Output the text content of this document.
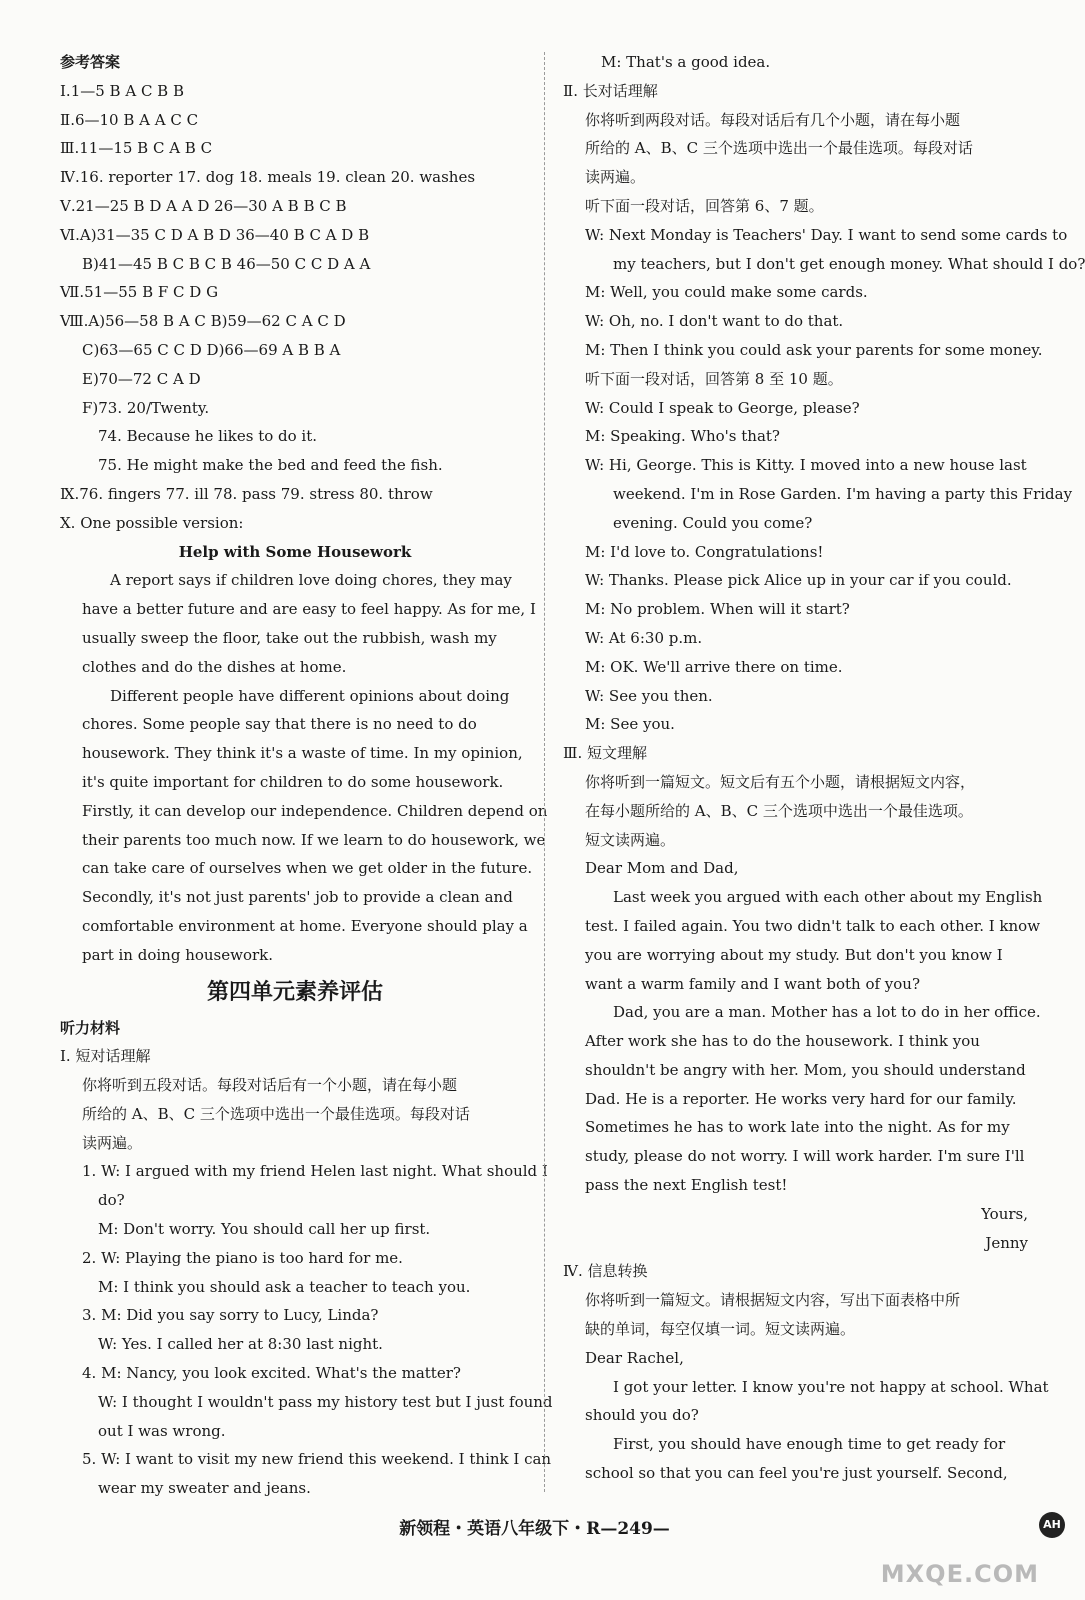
参考答案
Ⅰ.1—5 B A C B B
Ⅱ.6—10 B A A C C
Ⅲ.11—15 B C A B C
Ⅳ.16. reporter 17. dog 18. meals 19. clean 20. washes
Ⅴ.21—25 B D A A D 26—30 A B B C B
Ⅵ.A)31—35 C D A B D 36—40 B C A D B
B)41—45 B C B C B 46—50 C C D A A
Ⅶ.51—55 B F C D G
Ⅷ.A)56—58 B A C B)59—62 C A C D
C)63—65 C C D D)66—69 A B B A
E)70—72 C A D
F)73. 20/Twenty.
74. Because he likes to do it.
75. He might make the bed and feed the fish.
Ⅸ.76. fingers 77. ill 78. pass 79. stress 80. throw
Ⅹ. One possible version:
Help with Some Housework
A report says if children love doing chores, they may
have a better future and are easy to feel happy. As for me, I
usually sweep the floor, take out the rubbish, wash my
clothes and do the dishes at home.
Different people have different opinions about doing
chores. Some people say that there is no need to do
housework. They think it's a waste of time. In my opinion,
it's quite important for children to do some housework.
Firstly, it can develop our independence. Children depend on
their parents too much now. If we learn to do housework, we
can take care of ourselves when we get older in the future.
Secondly, it's not just parents' job to provide a clean and
comfortable environment at home. Everyone should play a
part in doing housework.
第四单元素养评估
听力材料
Ⅰ. 短对话理解
你将听到五段对话。每段对话后有一个小题，请在每小题
所给的 A、B、C 三个选项中选出一个最佳选项。每段对话
读两遍。
1. W: I argued with my friend Helen last night. What should I
do?
M: Don't worry. You should call her up first.
2. W: Playing the piano is too hard for me.
M: I think you should ask a teacher to teach you.
3. M: Did you say sorry to Lucy, Linda?
W: Yes. I called her at 8:30 last night.
4. M: Nancy, you look excited. What's the matter?
W: I thought I wouldn't pass my history test but I just found
out I was wrong.
5. W: I want to visit my new friend this weekend. I think I can
wear my sweater and jeans.
M: That's a good idea.
Ⅱ. 长对话理解
你将听到两段对话。每段对话后有几个小题，请在每小题
所给的 A、B、C 三个选项中选出一个最佳选项。每段对话
读两遍。
听下面一段对话，回答第 6、7 题。
W: Next Monday is Teachers' Day. I want to send some cards to
my teachers, but I don't get enough money. What should I do?
M: Well, you could make some cards.
W: Oh, no. I don't want to do that.
M: Then I think you could ask your parents for some money.
听下面一段对话，回答第 8 至 10 题。
W: Could I speak to George, please?
M: Speaking. Who's that?
W: Hi, George. This is Kitty. I moved into a new house last
weekend. I'm in Rose Garden. I'm having a party this Friday
evening. Could you come?
M: I'd love to. Congratulations!
W: Thanks. Please pick Alice up in your car if you could.
M: No problem. When will it start?
W: At 6:30 p.m.
M: OK. We'll arrive there on time.
W: See you then.
M: See you.
Ⅲ. 短文理解
你将听到一篇短文。短文后有五个小题，请根据短文内容，
在每小题所给的 A、B、C 三个选项中选出一个最佳选项。
短文读两遍。
Dear Mom and Dad,
Last week you argued with each other about my English
test. I failed again. You two didn't talk to each other. I know
you are worrying about my study. But don't you know I
want a warm family and I want both of you?
Dad, you are a man. Mother has a lot to do in her office.
After work she has to do the housework. I think you
shouldn't be angry with her. Mom, you should understand
Dad. He is a reporter. He works very hard for our family.
Sometimes he has to work late into the night. As for my
study, please do not worry. I will work harder. I'm sure I'll
pass the next English test!
Yours,
Jenny
Ⅳ. 信息转换
你将听到一篇短文。请根据短文内容，写出下面表格中所
缺的单词，每空仅填一词。短文读两遍。
Dear Rachel,
I got your letter. I know you're not happy at school. What
should you do?
First, you should have enough time to get ready for
school so that you can feel you're just yourself. Second,
新领程・英语八年级下・R—249—	AH
MXQE.COM
